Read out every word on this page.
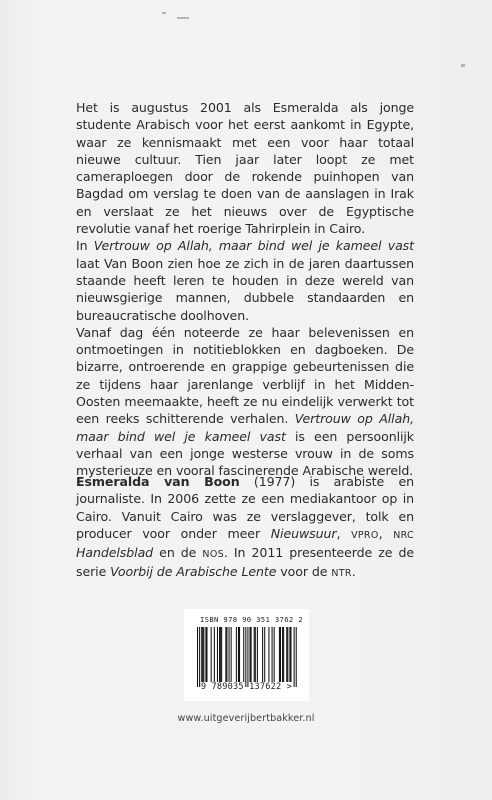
Het is augustus 2001 als Esmeralda als jonge studente Arabisch voor het eerst aankomt in Egypte, waar ze kennismaakt met een voor haar totaal nieuwe cultuur. Tien jaar later loopt ze met cameraploegen door de rokende puinhopen van Bagdad om verslag te doen van de aanslagen in Irak en verslaat ze het nieuws over de Egyptische revolutie vanaf het roerige Tahrirplein in Cairo.

In Vertrouw op Allah, maar bind wel je kameel vast laat Van Boon zien hoe ze zich in de jaren daartussen staande heeft leren te houden in deze wereld van nieuwsgierige mannen, dubbele standaarden en bureaucratische doolhoven.

Vanaf dag één noteerde ze haar belevenissen en ontmoetingen in notitieblokken en dagboeken. De bizarre, ontroerende en grappige gebeurtenissen die ze tijdens haar jarenlange verblijf in het Midden-Oosten meemaakte, heeft ze nu eindelijk verwerkt tot een reeks schitterende verhalen. Vertrouw op Allah, maar bind wel je kameel vast is een persoonlijk verhaal van een jonge westerse vrouw in de soms mysterieuze en vooral fascinerende Arabische wereld.

Esmeralda van Boon (1977) is arabiste en journaliste. In 2006 zette ze een mediakantoor op in Cairo. Vanuit Cairo was ze verslaggever, tolk en producer voor onder meer Nieuwsuur, VPRO, NRC Handelsblad en de NOS. In 2011 presenteerde ze de serie Voorbij de Arabische Lente voor de NTR.

ISBN 978 90 351 3762 2
9 789035 137622 >
www.uitgeverijbertbakker.nl
